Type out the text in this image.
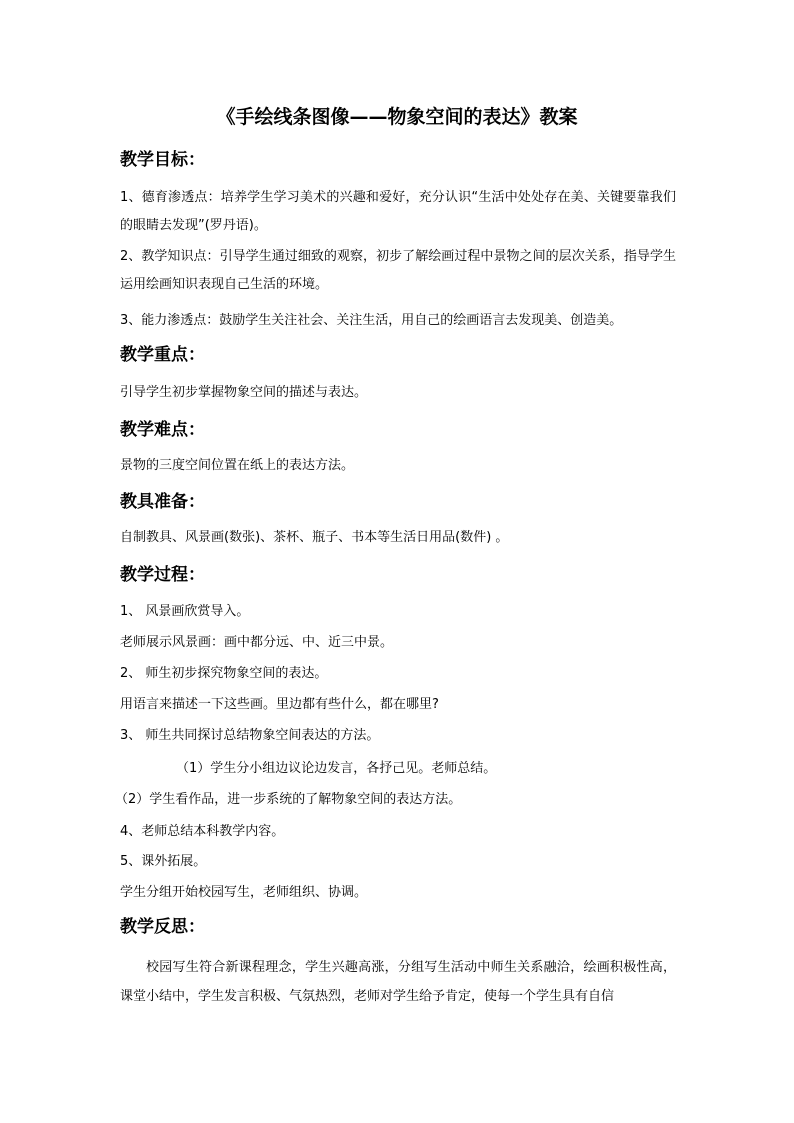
《手绘线条图像——物象空间的表达》教案
教学目标：
1、德育渗透点：培养学生学习美术的兴趣和爱好，充分认识“生活中处处存在美、关键要靠我们的眼睛去发现”(罗丹语)。
2、教学知识点：引导学生通过细致的观察，初步了解绘画过程中景物之间的层次关系，指导学生运用绘画知识表现自己生活的环境。
3、能力渗透点：鼓励学生关注社会、关注生活，用自己的绘画语言去发现美、创造美。
教学重点：
引导学生初步掌握物象空间的描述与表达。
教学难点：
景物的三度空间位置在纸上的表达方法。
教具准备：
自制教具、风景画(数张)、茶杯、瓶子、书本等生活日用品(数件) 。
教学过程：
1、 风景画欣赏导入。
老师展示风景画：画中都分远、中、近三中景。
2、 师生初步探究物象空间的表达。
用语言来描述一下这些画。里边都有些什么，都在哪里?
3、 师生共同探讨总结物象空间表达的方法。
（1）学生分小组边议论边发言，各抒己见。老师总结。
（2）学生看作品，进一步系统的了解物象空间的表达方法。
4、老师总结本科教学内容。
5、课外拓展。
学生分组开始校园写生，老师组织、协调。
教学反思：
校园写生符合新课程理念，学生兴趣高涨，分组写生活动中师生关系融洽，绘画积极性高，课堂小结中，学生发言积极、气氛热烈，老师对学生给予肯定，使每一个学生具有自信
